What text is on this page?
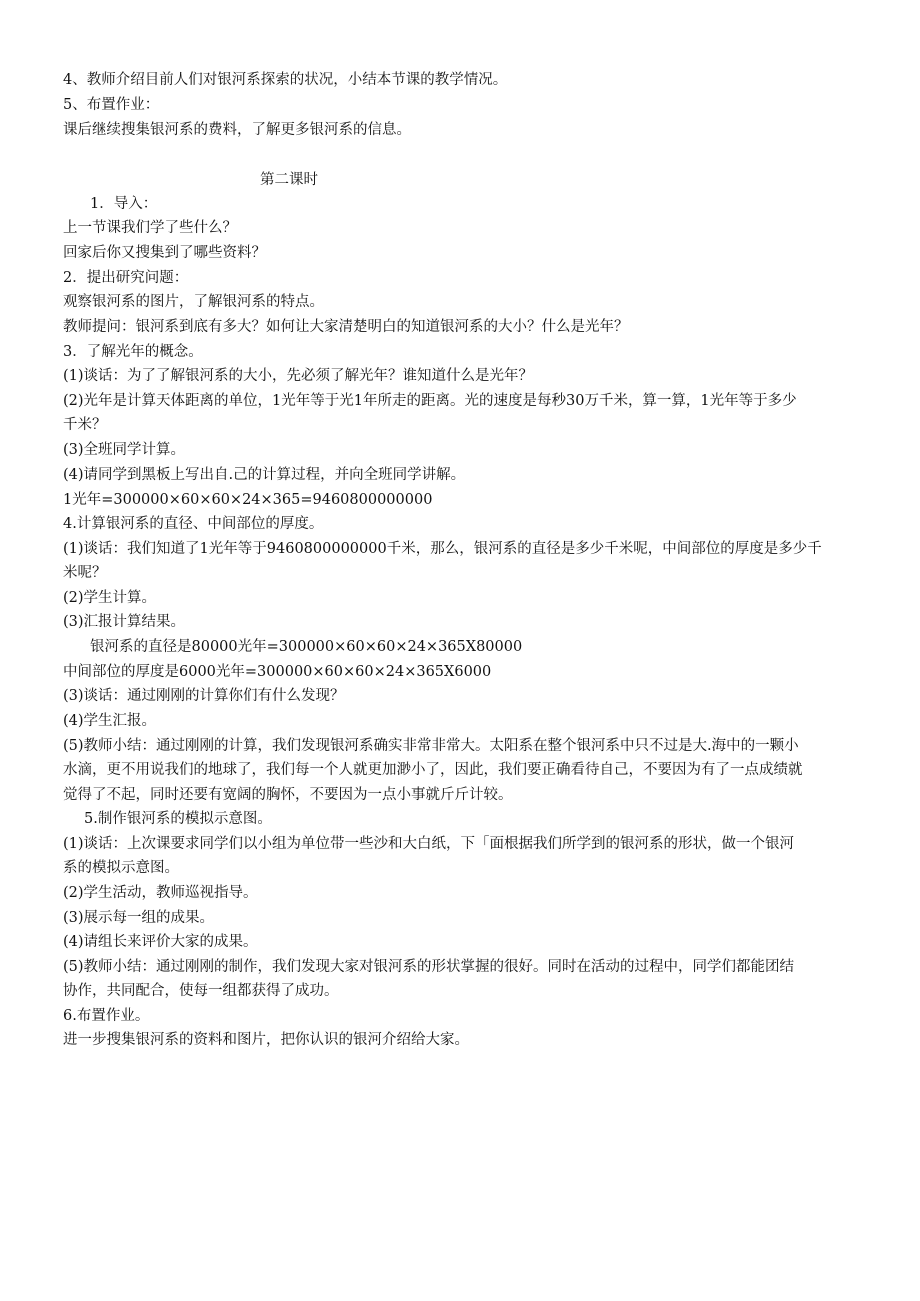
4、教师介绍目前人们对银河系探索的状况，小结本节课的教学情况。
5、布置作业：
课后继续搜集银河系的费料，了解更多银河系的信息。
第二课时
1．导入：
上一节课我们学了些什么？
回家后你又搜集到了哪些资料？
2．提出研究问题：
观察银河系的图片，了解银河系的特点。
教师提问：银河系到底有多大？如何让大家清楚明白的知道银河系的大小？什么是光年？
3．了解光年的概念。
(1)谈话：为了了解银河系的大小，先必须了解光年？谁知道什么是光年？
(2)光年是计算天体距离的单位，1光年等于光1年所走的距离。光的速度是每秒30万千米，算一算，1光年等于多少
千米？
(3)全班同学计算。
(4)请同学到黑板上写出自.己的计算过程，并向全班同学讲解。
1光年=300000×60×60×24×365=9460800000000
4.计算银河系的直径、中间部位的厚度。
(1)谈话：我们知道了1光年等于9460800000000千米，那么，银河系的直径是多少千米呢，中间部位的厚度是多少千
米呢？
(2)学生计算。
(3)汇报计算结果。
银河系的直径是80000光年=300000×60×60×24×365X80000
中间部位的厚度是6000光年=300000×60×60×24×365X6000
(3)谈话：通过刚刚的计算你们有什么发现？
(4)学生汇报。
(5)教师小结：通过刚刚的计算，我们发现银河系确实非常非常大。太阳系在整个银河系中只不过是大.海中的一颗小
水滴，更不用说我们的地球了，我们每一个人就更加渺小了，因此，我们要正确看待自己，不要因为有了一点成绩就
觉得了不起，同时还要有宽阔的胸怀，不要因为一点小事就斤斤计较。
5.制作银河系的模拟示意图。
(1)谈话：上次课要求同学们以小组为单位带一些沙和大白纸，下「面根据我们所学到的银河系的形状，做一个银河
系的模拟示意图。
(2)学生活动，教师巡视指导。
(3)展示每一组的成果。
(4)请组长来评价大家的成果。
(5)教师小结：通过刚刚的制作，我们发现大家对银河系的形状掌握的很好。同时在活动的过程中，同学们都能团结
协作，共同配合，使每一组都获得了成功。
6.布置作业。
进一步搜集银河系的资料和图片，把你认识的银河介绍给大家。
